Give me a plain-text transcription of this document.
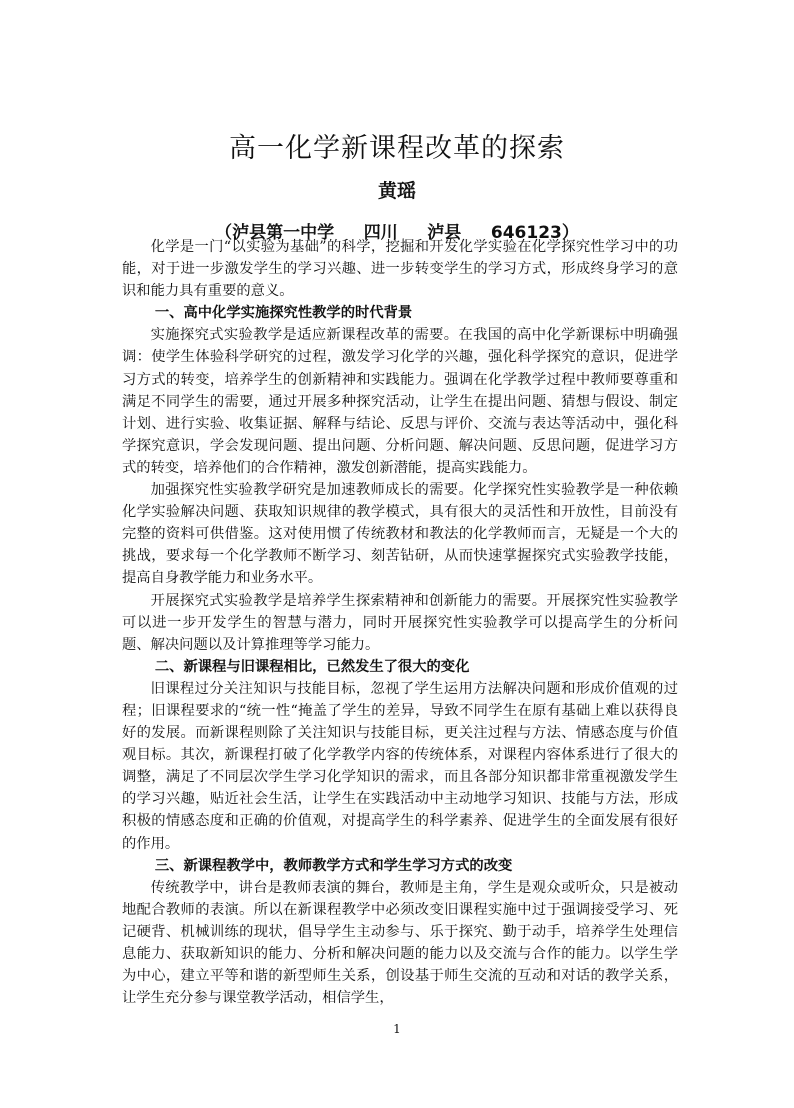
高一化学新课程改革的探索
黄瑶
（泸县第一中学     四川     泸县     646123）

化学是一门“以实验为基础”的科学，挖掘和开发化学实验在化学探究性学习中的功能，对于进一步激发学生的学习兴趣、进一步转变学生的学习方式，形成终身学习的意识和能力具有重要的意义。

一、高中化学实施探究性教学的时代背景

实施探究式实验教学是适应新课程改革的需要。在我国的高中化学新课标中明确强调：使学生体验科学研究的过程，激发学习化学的兴趣，强化科学探究的意识，促进学习方式的转变，培养学生的创新精神和实践能力。强调在化学教学过程中教师要尊重和满足不同学生的需要，通过开展多种探究活动，让学生在提出问题、猜想与假设、制定计划、进行实验、收集证据、解释与结论、反思与评价、交流与表达等活动中，强化科学探究意识，学会发现问题、提出问题、分析问题、解决问题、反思问题，促进学习方式的转变，培养他们的合作精神，激发创新潜能，提高实践能力。

加强探究性实验教学研究是加速教师成长的需要。化学探究性实验教学是一种依赖化学实验解决问题、获取知识规律的教学模式，具有很大的灵活性和开放性，目前没有完整的资料可供借鉴。这对使用惯了传统教材和教法的化学教师而言，无疑是一个大的挑战，要求每一个化学教师不断学习、刻苦钻研，从而快速掌握探究式实验教学技能，提高自身教学能力和业务水平。

开展探究式实验教学是培养学生探索精神和创新能力的需要。开展探究性实验教学可以进一步开发学生的智慧与潜力，同时开展探究性实验教学可以提高学生的分析问题、解决问题以及计算推理等学习能力。

二、新课程与旧课程相比，已然发生了很大的变化

旧课程过分关注知识与技能目标，忽视了学生运用方法解决问题和形成价值观的过程；旧课程要求的“统一性“掩盖了学生的差异，导致不同学生在原有基础上难以获得良好的发展。而新课程则除了关注知识与技能目标，更关注过程与方法、情感态度与价值观目标。其次，新课程打破了化学教学内容的传统体系，对课程内容体系进行了很大的调整，满足了不同层次学生学习化学知识的需求，而且各部分知识都非常重视激发学生的学习兴趣，贴近社会生活，让学生在实践活动中主动地学习知识、技能与方法，形成积极的情感态度和正确的价值观，对提高学生的科学素养、促进学生的全面发展有很好的作用。

三、新课程教学中，教师教学方式和学生学习方式的改变

传统教学中，讲台是教师表演的舞台，教师是主角，学生是观众或听众，只是被动地配合教师的表演。所以在新课程教学中必须改变旧课程实施中过于强调接受学习、死记硬背、机械训练的现状，倡导学生主动参与、乐于探究、勤于动手，培养学生处理信息能力、获取新知识的能力、分析和解决问题的能力以及交流与合作的能力。以学生学为中心，建立平等和谐的新型师生关系，创设基于师生交流的互动和对话的教学关系，让学生充分参与课堂教学活动，相信学生，

1
